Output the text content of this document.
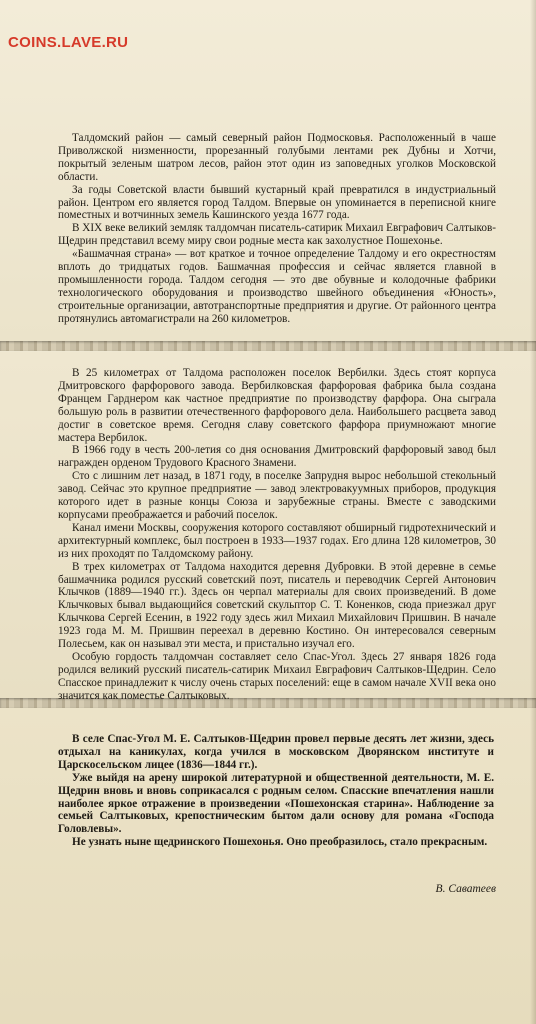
COINS.LAVE.RU

Талдомский район — самый северный район Подмосковья. Расположенный в чаше Приволжской низменности, прорезанный голубыми лентами рек Дубны и Хотчи, покрытый зеленым шатром лесов, район этот один из заповедных уголков Московской области.

За годы Советской власти бывший кустарный край превратился в индустриальный район. Центром его является город Талдом. Впервые он упоминается в переписной книге поместных и вотчинных земель Кашинского уезда 1677 года.

В XIX веке великий земляк талдомчан писатель-сатирик Михаил Евграфович Салтыков-Щедрин представил всему миру свои родные места как захолустное Пошехонье.

«Башмачная страна» — вот краткое и точное определение Талдому и его окрестностям вплоть до тридцатых годов. Башмачная профессия и сейчас является главной в промышленности города. Талдом сегодня — это две обувные и колодочные фабрики технологического оборудования и производство швейного объединения «Юность», строительные организации, автотранспортные предприятия и другие. От районного центра протянулись автомагистрали на 260 километров.

В 25 километрах от Талдома расположен поселок Вербилки. Здесь стоят корпуса Дмитровского фарфорового завода. Вербилковская фарфоровая фабрика была создана Францем Гарднером как частное предприятие по производству фарфора. Она сыграла большую роль в развитии отечественного фарфорового дела. Наибольшего расцвета завод достиг в советское время. Сегодня славу советского фарфора приумножают многие мастера Вербилок.

В 1966 году в честь 200-летия со дня основания Дмитровский фарфоровый завод был награжден орденом Трудового Красного Знамени.

Сто с лишним лет назад, в 1871 году, в поселке Запрудня вырос небольшой стекольный завод. Сейчас это крупное предприятие — завод электровакуумных приборов, продукция которого идет в разные концы Союза и зарубежные страны. Вместе с заводскими корпусами преображается и рабочий поселок.

Канал имени Москвы, сооружения которого составляют обширный гидротехнический и архитектурный комплекс, был построен в 1933—1937 годах. Его длина 128 километров, 30 из них проходят по Талдомскому району.

В трех километрах от Талдома находится деревня Дубровки. В этой деревне в семье башмачника родился русский советский поэт, писатель и переводчик Сергей Антонович Клычков (1889—1940 гг.). Здесь он черпал материалы для своих произведений. В доме Клычковых бывал выдающийся советский скульптор С. Т. Коненков, сюда приезжал друг Клычкова Сергей Есенин, в 1922 году здесь жил Михаил Михайлович Пришвин. В начале 1923 года М. М. Пришвин переехал в деревню Костино. Он интересовался северным Полесьем, как он называл эти места, и пристально изучал его.

Особую гордость талдомчан составляет село Спас-Угол. Здесь 27 января 1826 года родился великий русский писатель-сатирик Михаил Евграфович Салтыков-Щедрин. Село Спасское принадлежит к числу очень старых поселений: еще в самом начале XVII века оно значится как поместье Салтыковых.

В селе Спас-Угол М. Е. Салтыков-Щедрин провел первые десять лет жизни, здесь отдыхал на каникулах, когда учился в московском Дворянском институте и Царскосельском лицее (1836—1844 гг.).

Уже выйдя на арену широкой литературной и общественной деятельности, М. Е. Щедрин вновь и вновь соприкасался с родным селом. Спасские впечатления нашли наиболее яркое отражение в произведении «Пошехонская старина». Наблюдение за семьей Салтыковых, крепостническим бытом дали основу для романа «Господа Головлевы».

Не узнать ныне щедринского Пошехонья. Оно преобразилось, стало прекрасным.

В. Саватеев
